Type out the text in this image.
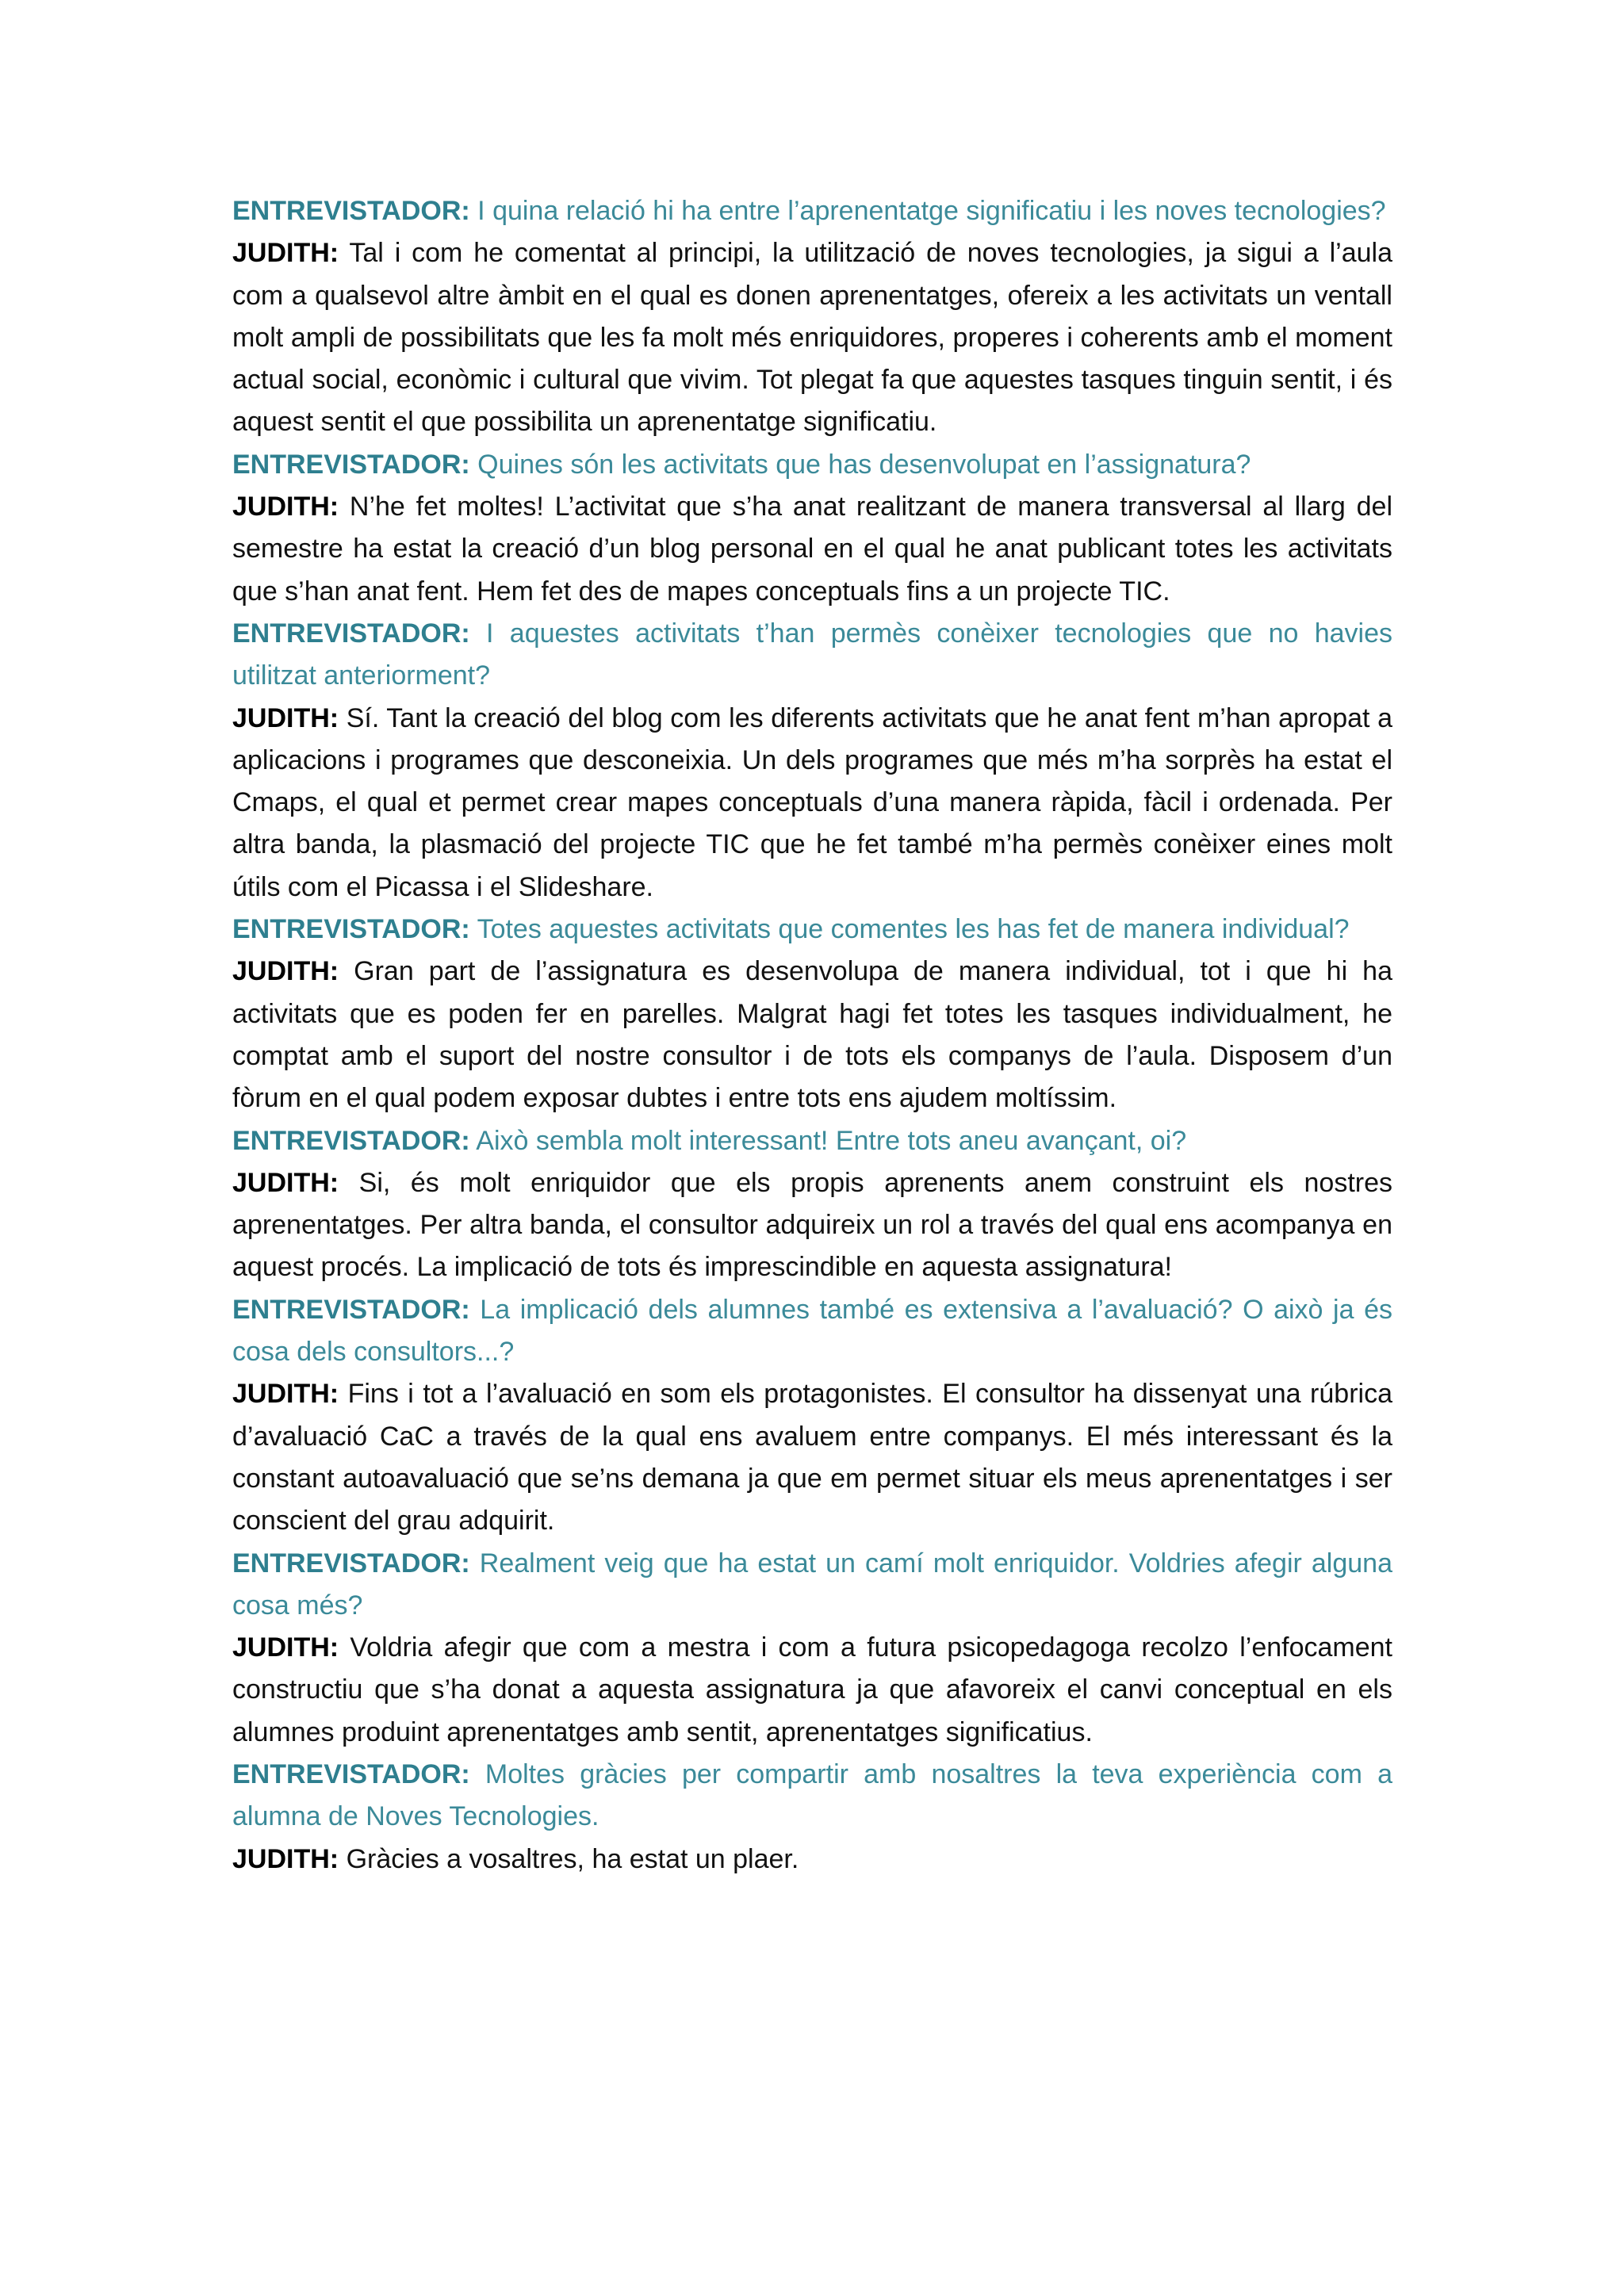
ENTREVISTADOR: I quina relació hi ha entre l’aprenentatge significatiu i les noves tecnologies?

JUDITH: Tal i com he comentat al principi, la utilització de noves tecnologies, ja sigui a l’aula com a qualsevol altre àmbit en el qual es donen aprenentatges, ofereix a les activitats un ventall molt ampli de possibilitats que les fa molt més enriquidores, properes i coherents amb el moment actual social, econòmic i cultural que vivim. Tot plegat fa que aquestes tasques tinguin sentit, i és aquest sentit el que possibilita un aprenentatge significatiu.

ENTREVISTADOR: Quines són les activitats que has desenvolupat en l’assignatura?

JUDITH: N’he fet moltes! L’activitat que s’ha anat realitzant de manera transversal al llarg del semestre ha estat la creació d’un blog personal en el qual he anat publicant totes les activitats que s’han anat fent. Hem fet des de mapes conceptuals fins a un projecte TIC.

ENTREVISTADOR: I aquestes activitats t’han permès conèixer tecnologies que no havies utilitzat anteriorment?

JUDITH: Sí. Tant la creació del blog com les diferents activitats que he anat fent m’han apropat a aplicacions i programes que desconeixia. Un dels programes que més m’ha sorprès ha estat el Cmaps, el qual et permet crear mapes conceptuals d’una manera ràpida, fàcil i ordenada. Per altra banda, la plasmació del projecte TIC que he fet també m’ha permès conèixer eines molt útils com el Picassa i el Slideshare.

ENTREVISTADOR: Totes aquestes activitats que comentes les has fet de manera individual?

JUDITH: Gran part de l’assignatura es desenvolupa de manera individual, tot i que hi ha activitats que es poden fer en parelles. Malgrat hagi fet totes les tasques individualment, he comptat amb el suport del nostre consultor i de tots els companys de l’aula. Disposem d’un fòrum en el qual podem exposar dubtes i entre tots ens ajudem moltíssim.

ENTREVISTADOR: Això sembla molt interessant! Entre tots aneu avançant, oi?

JUDITH: Si, és molt enriquidor que els propis aprenents anem construint els nostres aprenentatges. Per altra banda, el consultor adquireix un rol a través del qual ens acompanya en aquest procés. La implicació de tots és imprescindible en aquesta assignatura!

ENTREVISTADOR: La implicació dels alumnes també es extensiva a l’avaluació? O això ja és cosa dels consultors...?

JUDITH: Fins i tot a l’avaluació en som els protagonistes. El consultor ha dissenyat una rúbrica d’avaluació CaC a través de la qual ens avaluem entre companys. El més interessant és la constant autoavaluació que se’ns demana ja que em permet situar els meus aprenentatges i ser conscient del grau adquirit.

ENTREVISTADOR: Realment veig que ha estat un camí molt enriquidor. Voldries afegir alguna cosa més?

JUDITH: Voldria afegir que com a mestra i com a futura psicopedagoga recolzo l’enfocament constructiu que s’ha donat a aquesta assignatura ja que afavoreix el canvi conceptual en els alumnes produint aprenentatges amb sentit, aprenentatges significatius.

ENTREVISTADOR: Moltes gràcies per compartir amb nosaltres la teva experiència com a alumna de Noves Tecnologies.

JUDITH: Gràcies a vosaltres, ha estat un plaer.
